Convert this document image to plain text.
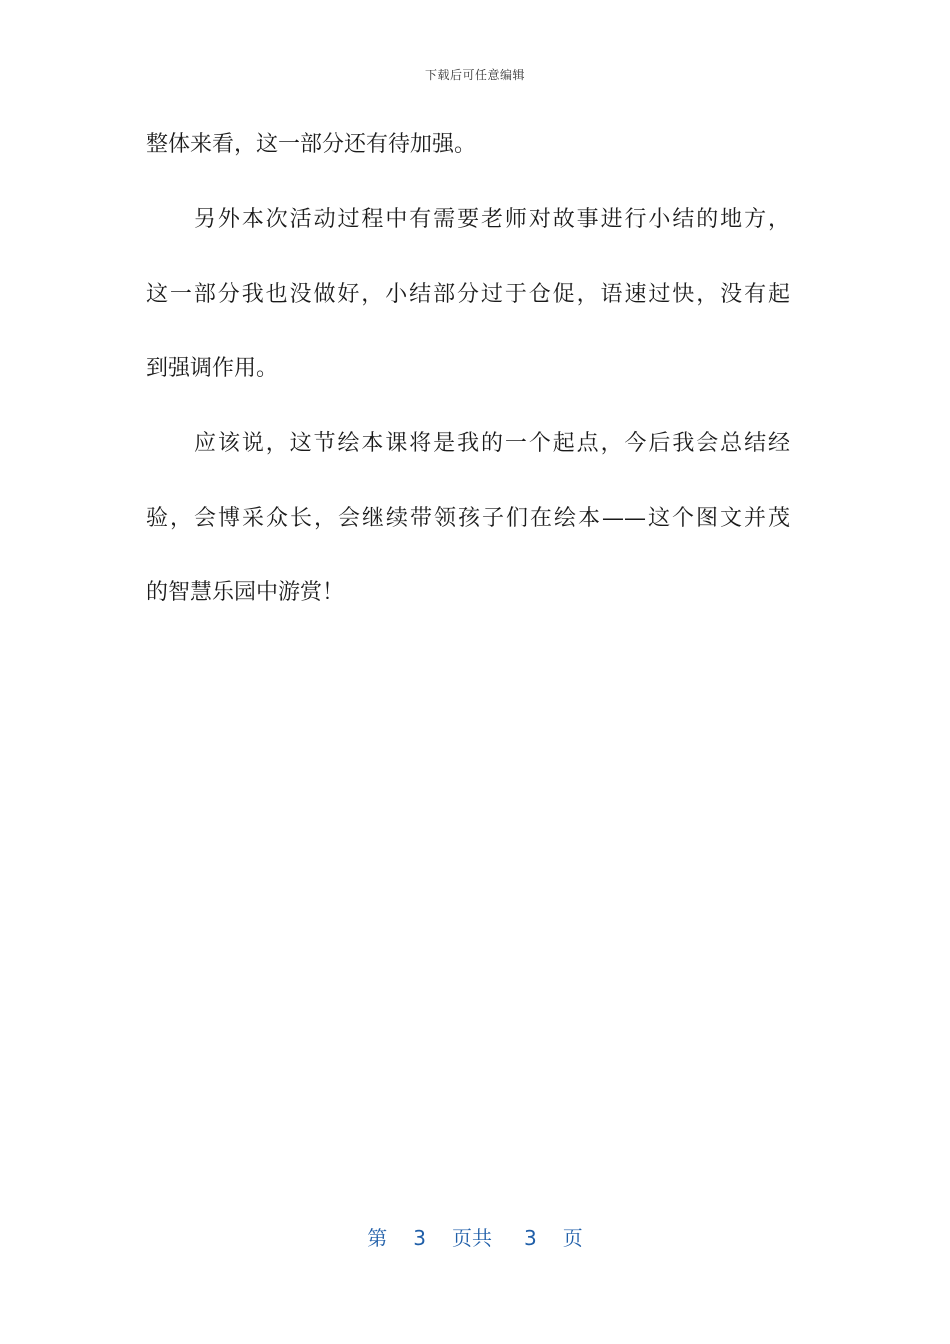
下载后可任意编辑
整体来看，这一部分还有待加强。
另外本次活动过程中有需要老师对故事进行小结的地方，
这一部分我也没做好，小结部分过于仓促，语速过快，没有起
到强调作用。
应该说，这节绘本课将是我的一个起点，今后我会总结经
验，会博采众长，会继续带领孩子们在绘本——这个图文并茂
的智慧乐园中游赏！
第 3 页共 3 页
